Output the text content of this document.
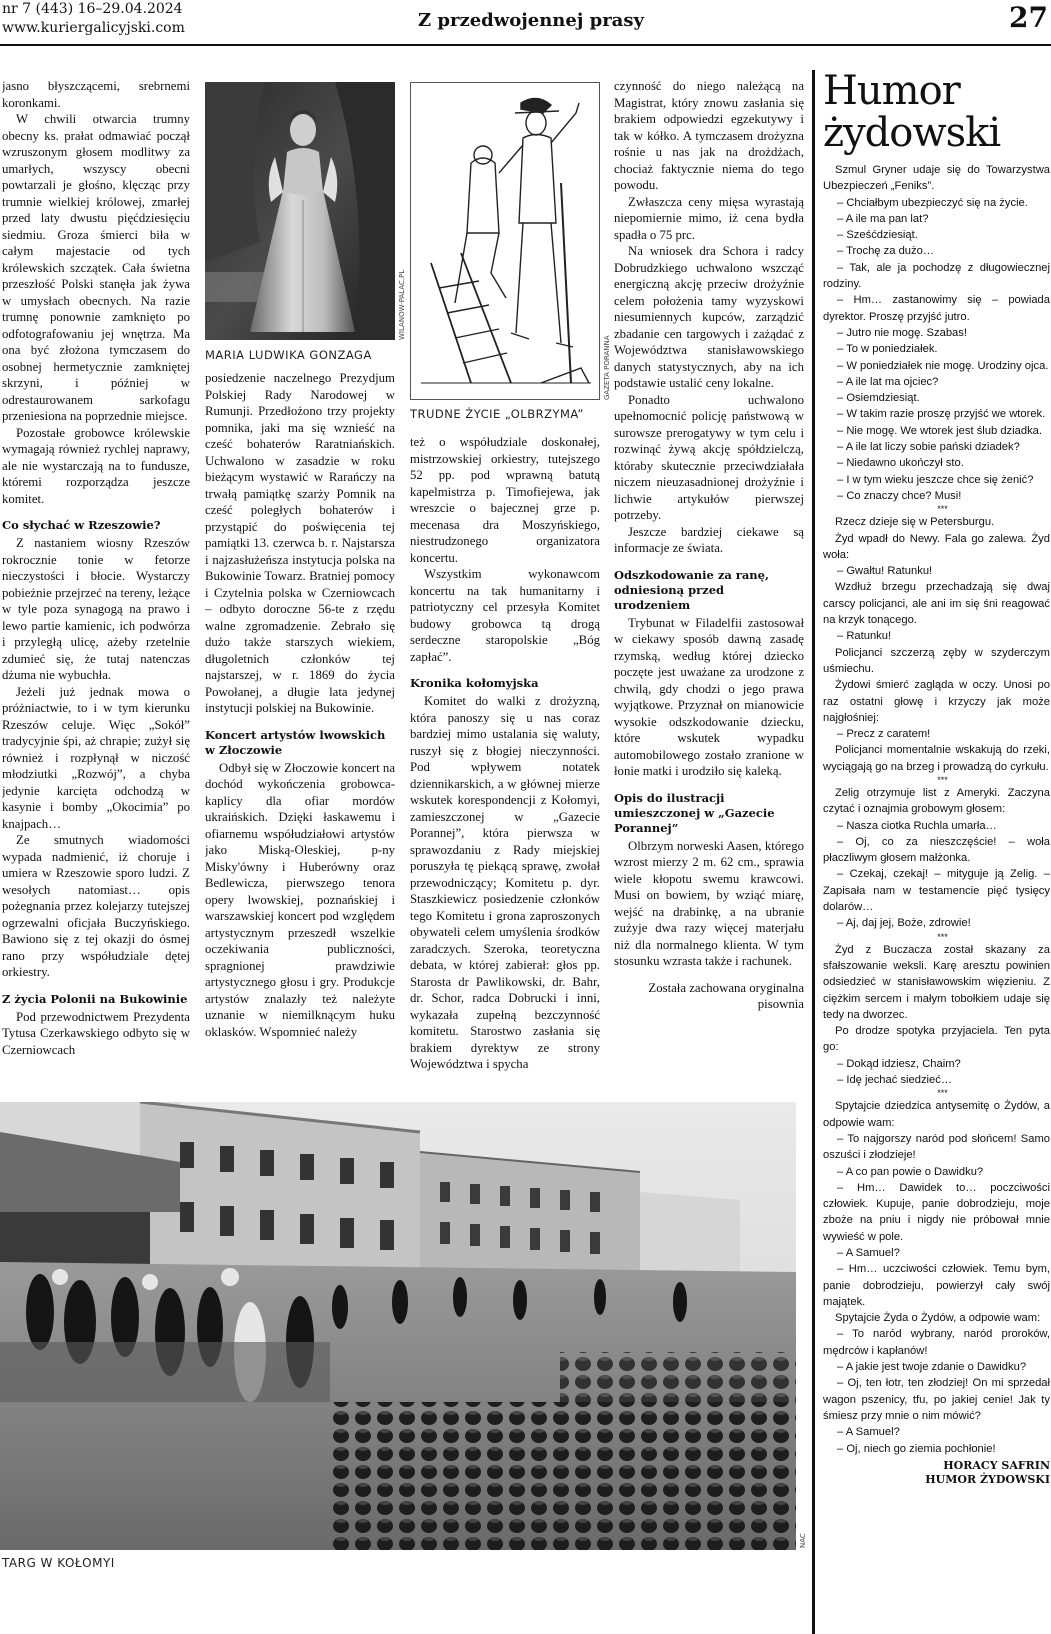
nr 7 (443) 16–29.04.2024
www.kuriergalicyjski.com	Z przedwojennej prasy	27

jasno błyszczącemi, srebrnemi koronkami.

W chwili otwarcia trumny obecny ks. prałat odmawiać począł wzruszonym głosem modlitwy za umarłych, wszyscy obecni powtarzali je głośno, klęcząc przy trumnie wielkiej królowej, zmarłej przed laty dwustu pięćdziesięciu siedmiu. Groza śmierci biła w całym majestacie od tych królewskich szczątek. Cała świetna przeszłość Polski stanęła jak żywa w umysłach obecnych. Na razie trumnę ponownie zamknięto po odfotografowaniu jej wnętrza. Ma ona być złożona tymczasem do osobnej hermetycznie zamkniętej skrzyni, i później w odrestaurowanem sarkofagu przeniesiona na poprzednie miejsce.

Pozostałe grobowce królewskie wymagają również rychlej naprawy, ale nie wystarczają na to fundusze, któremi rozporządza jeszcze komitet.

Co słychać w Rzeszowie?

Z nastaniem wiosny Rzeszów rokrocznie tonie w fetorze nieczystości i błocie. Wystarczy pobieżnie przejrzeć na tereny, leżące w tyle poza synagogą na prawo i lewo partie kamienic, ich podwórza i przyległą ulicę, ażeby rzetelnie zdumieć się, że tutaj natenczas dżuma nie wybuchła.

Jeżeli już jednak mowa o próżniactwie, to i w tym kierunku Rzeszów celuje. Więc „Sokół” tradycyjnie śpi, aż chrapie; zużył się również i rozpłynął w niczość młodziutki „Rozwój”, a chyba jedynie karcięta odchodzą w kasynie i bomby „Okocimia” po knajpach…

Ze smutnych wiadomości wypada nadmienić, iż choruje i umiera w Rzeszowie sporo ludzi. Z wesołych natomiast… opis pożegnania przez kolejarzy tutejszej ogrzewalni oficjała Buczyńskiego. Bawiono się z tej okazji do ósmej rano przy współudziale dętej orkiestry.

Z życia Polonii na Bukowinie

Pod przewodnictwem Prezydenta Tytusa Czerkawskiego odbyto się w Czerniowcach

WILANOW-PALAC.PL
MARIA LUDWIKA GONZAGA	GAZETA PORANNA
TRUDNE ŻYCIE „OLBRZYMA”

posiedzenie naczelnego Prezydjum Polskiej Rady Narodowej w Rumunji. Przedłożono trzy projekty pomnika, jaki ma się wznieść na cześć bohaterów Raratniańskich. Uchwalono w zasadzie w roku bieżącym wystawić w Rarańczy na trwałą pamiątkę szarży Pomnik na cześć poległych bohaterów i przystąpić do poświęcenia tej pamiątki 13. czerwca b. r. Najstarsza i najzasłużeńsza instytucja polska na Bukowinie Towarz. Bratniej pomocy i Czytelnia polska w Czerniowcach – odbyto doroczne 56-te z rzędu walne zgromadzenie. Zebrało się dużo także starszych wiekiem, długoletnich członków tej najstarszej, w r. 1869 do życia Powołanej, a długie lata jedynej instytucji polskiej na Bukowinie.

Koncert artystów lwowskich w Złoczowie

Odbył się w Złoczowie koncert na dochód wykończenia grobowca-kaplicy dla ofiar mordów ukraińskich. Dzięki łaskawemu i ofiarnemu współudziałowi artystów jako Miską-Oleskiej, p-ny Misky'ówny i Huberówny oraz Bedlewicza, pierwszego tenora opery lwowskiej, poznańskiej i warszawskiej koncert pod względem artystycznym przeszedł wszelkie oczekiwania publiczności, spragnionej prawdziwie artystycznego głosu i gry. Produkcje artystów znalazły też należyte uznanie w niemilknącym huku oklasków. Wspomnieć należy

też o współudziale doskonałej, mistrzowskiej orkiestry, tutejszego 52 pp. pod wprawną batutą kapelmistrza p. Timofiejewa, jak wreszcie o bajecznej grze p. mecenasa dra Moszyńskiego, niestrudzonego organizatora koncertu.

Wszystkim wykonawcom koncertu na tak humanitarny i patriotyczny cel przesyła Komitet budowy grobowca tą drogą serdeczne staropolskie „Bóg zapłać”.

Kronika kołomyjska

Komitet do walki z drożyzną, która panoszy się u nas coraz bardziej mimo ustalania się waluty, ruszył się z błogiej nieczynności. Pod wpływem notatek dziennikarskich, a w głównej mierze wskutek korespondencji z Kołomyi, zamieszczonej w „Gazecie Porannej”, która pierwsza w sprawozdaniu z Rady miejskiej poruszyła tę piekącą sprawę, zwołał przewodniczący; Komitetu p. dyr. Staszkiewicz posiedzenie członków tego Komitetu i grona zaproszonych obywateli celem umyślenia środków zaradczych. Szeroka, teoretyczna debata, w której zabierał: głos pp. Starosta dr Pawlikowski, dr. Bahr, dr. Schor, radca Dobrucki i inni, wykazała zupełną bezczynność komitetu. Starostwo zasłania się brakiem dyrektyw ze strony Województwa i spycha

czynność do niego należącą na Magistrat, który znowu zasłania się brakiem odpowiedzi egzekutywy i tak w kółko. A tymczasem drożyzna rośnie u nas jak na drożdżach, chociaż faktycznie niema do tego powodu.

Zwłaszcza ceny mięsa wyrastają niepomiernie mimo, iż cena bydła spadła o 75 prc.

Na wniosek dra Schora i radcy Dobrudzkiego uchwalono wszcząć energiczną akcję przeciw drożyźnie celem położenia tamy wyzyskowi niesumiennych kupców, zarządzić zbadanie cen targowych i zażądać z Województwa stanisławowskiego danych statystycznych, aby na ich podstawie ustalić ceny lokalne.

Ponadto uchwalono upełnomocnić policję państwową w surowsze prerogatywy w tym celu i rozwinąć żywą akcję spółdzielczą, któraby skutecznie przeciwdziałała niczem nieuzasadnionej drożyźnie i lichwie artykułów pierwszej potrzeby.

Jeszcze bardziej ciekawe są informacje ze świata.

Odszkodowanie za ranę, odniesioną przed urodzeniem

Trybunat w Filadelfii zastosował w ciekawy sposób dawną zasadę rzymską, według której dziecko poczęte jest uważane za urodzone z chwilą, gdy chodzi o jego prawa wyjątkowe. Przyznał on mianowicie wysokie odszkodowanie dziecku, które wskutek wypadku automobilowego zostało zranione w łonie matki i urodziło się kaleką.

Opis do ilustracji umieszczonej w „Gazecie Porannej”

Olbrzym norweski Aasen, którego wzrost mierzy 2 m. 62 cm., sprawia wiele kłopotu swemu krawcowi. Musi on bowiem, by wziąć miarę, wejść na drabinkę, a na ubranie zużyje dwa razy więcej materjału niż dla normalnego klienta. W tym stosunku wzrasta także i rachunek.

Została zachowana oryginalna pisownia

NAC
TARG W KOŁOMYI
Humor żydowski

Szmul Gryner udaje się do Towarzystwa Ubezpieczeń „Feniks”.

– Chciałbym ubezpieczyć się na życie.

– A ile ma pan lat?

– Sześćdziesiąt.

– Trochę za dużo…

– Tak, ale ja pochodzę z długowiecznej rodziny.

– Hm… zastanowimy się – powiada dyrektor. Proszę przyjść jutro.

– Jutro nie mogę. Szabas!

– To w poniedziałek.

– W poniedziałek nie mogę. Urodziny ojca.

– A ile lat ma ojciec?

– Osiemdziesiąt.

– W takim razie proszę przyjść we wtorek.

– Nie mogę. We wtorek jest ślub dziadka.

– A ile lat liczy sobie pański dziadek?

– Niedawno ukończył sto.

– I w tym wieku jeszcze chce się żenić?

– Co znaczy chce? Musi!

***

Rzecz dzieje się w Petersburgu.

Żyd wpadł do Newy. Fala go zalewa. Żyd woła:

– Gwałtu! Ratunku!

Wzdłuż brzegu przechadzają się dwaj carscy policjanci, ale ani im się śni reagować na krzyk tonącego.

– Ratunku!

Policjanci szczerzą zęby w szyderczym uśmiechu.

Żydowi śmierć zagląda w oczy. Unosi po raz ostatni głowę i krzyczy jak może najgłośniej:

– Precz z caratem!

Policjanci momentalnie wskakują do rzeki, wyciągają go na brzeg i prowadzą do cyrkułu.

***

Zelig otrzymuje list z Ameryki. Zaczyna czytać i oznajmia grobowym głosem:

– Nasza ciotka Ruchla umarła…

– Oj, co za nieszczęście! – woła płaczliwym głosem małżonka.

– Czekaj, czekaj! – mityguje ją Zelig. – Zapisała nam w testamencie pięć tysięcy dolarów…

– Aj, daj jej, Boże, zdrowie!

***

Żyd z Buczacza został skazany za sfałszowanie weksli. Karę aresztu powinien odsiedzieć w stanisławowskim więzieniu. Z ciężkim sercem i małym tobołkiem udaje się tedy na dworzec.

Po drodze spotyka przyjaciela. Ten pyta go:

– Dokąd idziesz, Chaim?

– Idę jechać siedzieć…

***

Spytajcie dziedzica antysemitę o Żydów, a odpowie wam:

– To najgorszy naród pod słońcem! Samo oszuści i złodzieje!

– A co pan powie o Dawidku?

– Hm… Dawidek to… poczciwości człowiek. Kupuje, panie dobrodzieju, moje zboże na pniu i nigdy nie próbował mnie wywieść w pole.

– A Samuel?

– Hm… uczciwości człowiek. Temu bym, panie dobrodzieju, powierzył cały swój majątek.

Spytajcie Żyda o Żydów, a odpowie wam:

– To naród wybrany, naród proroków, mędrców i kapłanów!

– A jakie jest twoje zdanie o Dawidku?

– Oj, ten łotr, ten złodziej! On mi sprzedał wagon pszenicy, tfu, po jakiej cenie! Jak ty śmiesz przy mnie o nim mówić?

– A Samuel?

– Oj, niech go ziemia pochłonie!

HORACY SAFRIN
HUMOR ŻYDOWSKI
